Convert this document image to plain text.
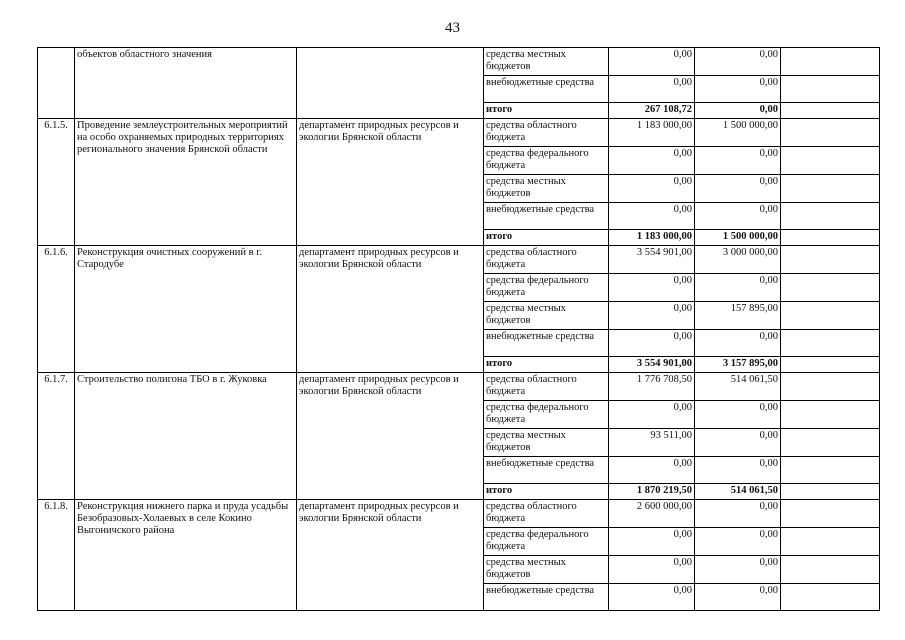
43
	объектов областного значения		средства местных бюджетов	0,00	0,00	
			внебюджетные средства	0,00	0,00	
			итого	267 108,72	0,00	
6.1.5.	Проведение землеустроительных мероприятий на особо охраняемых природных территориях регионального значения Брянской области	департамент природных ресурсов и экологии Брянской области	средства областного бюджета	1 183 000,00	1 500 000,00	
			средства федерального бюджета	0,00	0,00	
			средства местных бюджетов	0,00	0,00	
			внебюджетные средства	0,00	0,00	
			итого	1 183 000,00	1 500 000,00	
6.1.6.	Реконструкция очистных сооружений в г. Стародубе	департамент природных ресурсов и экологии Брянской области	средства областного бюджета	3 554 901,00	3 000 000,00	
			средства федерального бюджета	0,00	0,00	
			средства местных бюджетов	0,00	157 895,00	
			внебюджетные средства	0,00	0,00	
			итого	3 554 901,00	3 157 895,00	
6.1.7.	Строительство полигона ТБО в г. Жуковка	департамент природных ресурсов и экологии Брянской области	средства областного бюджета	1 776 708,50	514 061,50	
			средства федерального бюджета	0,00	0,00	
			средства местных бюджетов	93 511,00	0,00	
			внебюджетные средства	0,00	0,00	
			итого	1 870 219,50	514 061,50	
6.1.8.	Реконструкция нижнего парка и пруда усадьбы Безобразовых-Холаевых в селе Кокино Выгоничского района	департамент природных ресурсов и экологии Брянской области	средства областного бюджета	2 600 000,00	0,00	
			средства федерального бюджета	0,00	0,00	
			средства местных бюджетов	0,00	0,00	
			внебюджетные средства	0,00	0,00	
